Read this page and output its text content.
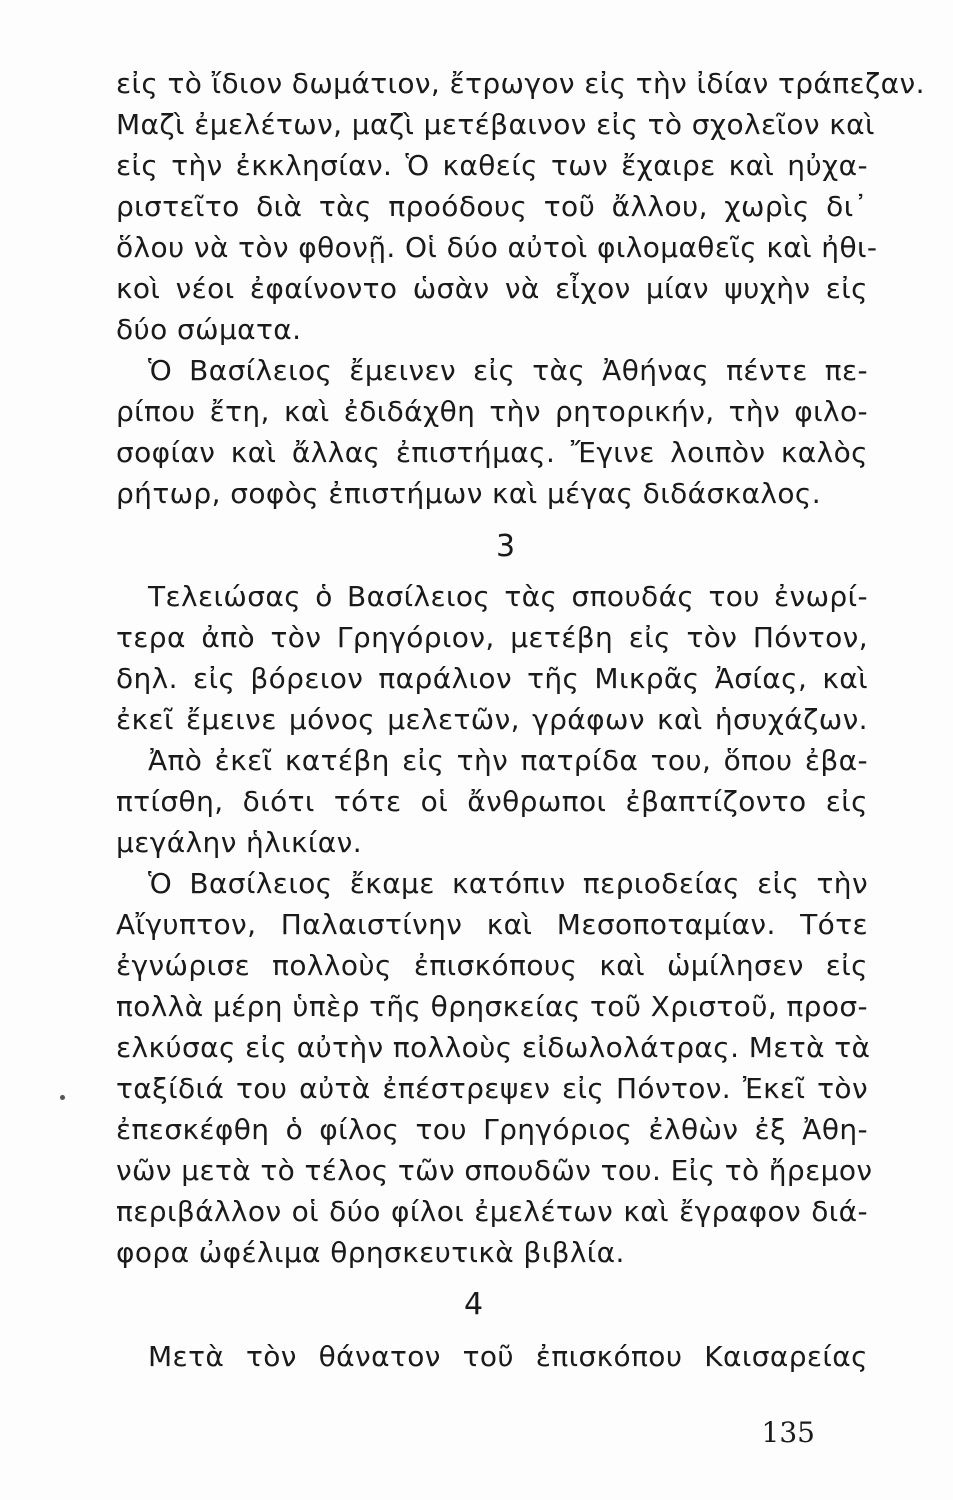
εἰς τὸ ἴδιον δωμάτιον, ἔτρωγον εἰς τὴν ἰδίαν τράπεζαν.
Μαζὶ ἐμελέτων, μαζὶ μετέβαινον εἰς τὸ σχολεῖον καὶ
εἰς τὴν ἐκκλησίαν. Ὁ καθείς των ἔχαιρε καὶ ηὐχα-
ριστεῖτο διὰ τὰς προόδους τοῦ ἄλλου, χωρὶς δι᾽
ὅλου νὰ τὸν φθονῇ. Οἱ δύο αὐτοὶ φιλομαθεῖς καὶ ἠθι-
κοὶ νέοι ἐφαίνοντο ὡσὰν νὰ εἶχον μίαν ψυχὴν εἰς
δύο σώματα.
Ὁ Βασίλειος ἔμεινεν εἰς τὰς Ἀθήνας πέντε πε-
ρίπου ἔτη, καὶ ἐδιδάχθη τὴν ρητορικήν, τὴν φιλο-
σοφίαν καὶ ἄλλας ἐπιστήμας. Ἔγινε λοιπὸν καλὸς
ρήτωρ, σοφὸς ἐπιστήμων καὶ μέγας διδάσκαλος.
3
Τελειώσας ὁ Βασίλειος τὰς σπουδάς του ἐνωρί-
τερα ἀπὸ τὸν Γρηγόριον, μετέβη εἰς τὸν Πόντον,
δηλ. εἰς βόρειον παράλιον τῆς Μικρᾶς Ἀσίας, καὶ
ἐκεῖ ἔμεινε μόνος μελετῶν, γράφων καὶ ἡσυχάζων.
Ἀπὸ ἐκεῖ κατέβη εἰς τὴν πατρίδα του, ὅπου ἐβα-
πτίσθη, διότι τότε οἱ ἄνθρωποι ἐβαπτίζοντο εἰς
μεγάλην ἡλικίαν.
Ὁ Βασίλειος ἔκαμε κατόπιν περιοδείας εἰς τὴν
Αἴγυπτον, Παλαιστίνην καὶ Μεσοποταμίαν. Τότε
ἐγνώρισε πολλοὺς ἐπισκόπους καὶ ὡμίλησεν εἰς
πολλὰ μέρη ὑπὲρ τῆς θρησκείας τοῦ Χριστοῦ, προσ-
ελκύσας εἰς αὐτὴν πολλοὺς εἰδωλολάτρας. Μετὰ τὰ
ταξίδιά του αὐτὰ ἐπέστρεψεν εἰς Πόντον. Ἐκεῖ τὸν
ἐπεσκέφθη ὁ φίλος του Γρηγόριος ἐλθὼν ἐξ Ἀθη-
νῶν μετὰ τὸ τέλος τῶν σπουδῶν του. Εἰς τὸ ἤρεμον
περιβάλλον οἱ δύο φίλοι ἐμελέτων καὶ ἔγραφον διά-
φορα ὠφέλιμα θρησκευτικὰ βιβλία.
4
Μετὰ τὸν θάνατον τοῦ ἐπισκόπου Καισαρείας
135
